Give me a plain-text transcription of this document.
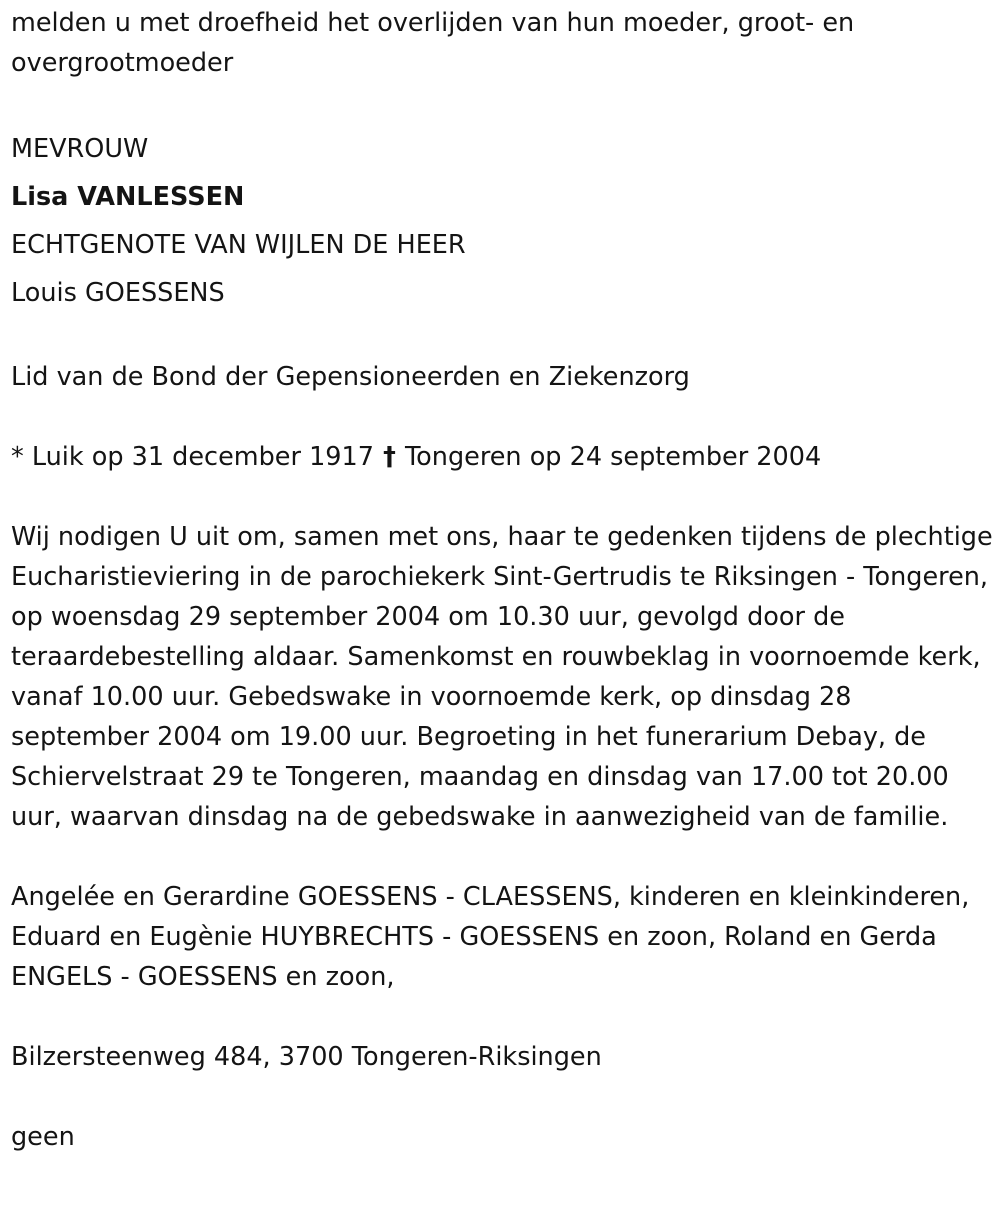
melden u met droefheid het overlijden van hun moeder, groot- en overgrootmoeder

MEVROUW

Lisa VANLESSEN

ECHTGENOTE VAN WIJLEN DE HEER

Louis GOESSENS

Lid van de Bond der Gepensioneerden en Ziekenzorg

* Luik op 31 december 1917 † Tongeren op 24 september 2004

Wij nodigen U uit om, samen met ons, haar te gedenken tijdens de plechtige Eucharistieviering in de parochiekerk Sint-Gertrudis te Riksingen - Tongeren, op woensdag 29 september 2004 om 10.30 uur, gevolgd door de teraardebestelling aldaar. Samenkomst en rouwbeklag in voornoemde kerk, vanaf 10.00 uur. Gebedswake in voornoemde kerk, op dinsdag 28 september 2004 om 19.00 uur. Begroeting in het funerarium Debay, de Schiervelstraat 29 te Tongeren, maandag en dinsdag van 17.00 tot 20.00 uur, waarvan dinsdag na de gebedswake in aanwezigheid van de familie.

Angelée en Gerardine GOESSENS - CLAESSENS, kinderen en kleinkinderen, Eduard en Eugènie HUYBRECHTS - GOESSENS en zoon, Roland en Gerda ENGELS - GOESSENS en zoon,

Bilzersteenweg 484, 3700 Tongeren-Riksingen

geen
